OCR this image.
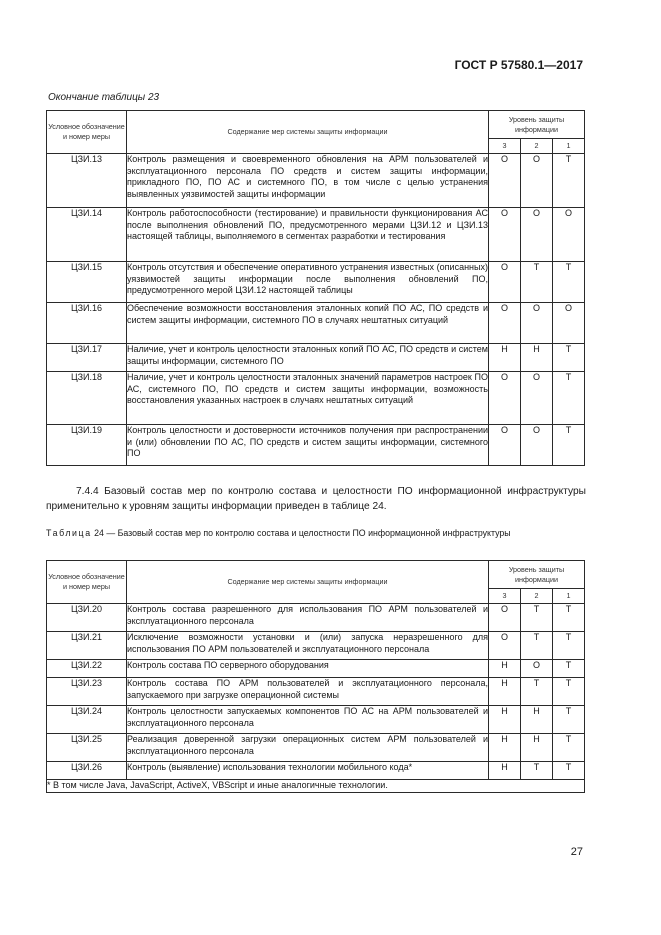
ГОСТ Р 57580.1—2017
Окончание таблицы 23
Условное обозначение и номер меры	Содержание мер системы защиты информации	Уровень защиты информации		
		3	2	1
ЦЗИ.13	Контроль размещения и своевременного обновления на АРМ пользователей и эксплуатационного персонала ПО средств и систем защиты информации, прикладного ПО, ПО АС и системного ПО, в том числе с целью устранения выявленных уязвимостей защиты информации	О	О	Т
ЦЗИ.14	Контроль работоспособности (тестирование) и правильности функционирования АС после выполнения обновлений ПО, предусмотренного мерами ЦЗИ.12 и ЦЗИ.13 настоящей таблицы, выполняемого в сегментах разработки и тестирования	О	О	О
ЦЗИ.15	Контроль отсутствия и обеспечение оперативного устранения известных (описанных) уязвимостей защиты информации после выполнения обновлений ПО, предусмотренного мерой ЦЗИ.12 настоящей таблицы	О	Т	Т
ЦЗИ.16	Обеспечение возможности восстановления эталонных копий ПО АС, ПО средств и систем защиты информации, системного ПО в случаях нештатных ситуаций	О	О	О
ЦЗИ.17	Наличие, учет и контроль целостности эталонных копий ПО АС, ПО средств и систем защиты информации, системного ПО	Н	Н	Т
ЦЗИ.18	Наличие, учет и контроль целостности эталонных значений параметров настроек ПО АС, системного ПО, ПО средств и систем защиты информации, возможность восстановления указанных настроек в случаях нештатных ситуаций	О	О	Т
ЦЗИ.19	Контроль целостности и достоверности источников получения при распространении и (или) обновлении ПО АС, ПО средств и систем защиты информации, системного ПО	О	О	Т
7.4.4 Базовый состав мер по контролю состава и целостности ПО информационной инфраструктуры применительно к уровням защиты информации приведен в таблице 24.
Таблица 24 — Базовый состав мер по контролю состава и целостности ПО информационной инфраструктуры
Условное обозначение и номер меры	Содержание мер системы защиты информации	Уровень защиты информации		
		3	2	1
ЦЗИ.20	Контроль состава разрешенного для использования ПО АРМ пользователей и эксплуатационного персонала	О	Т	Т
ЦЗИ.21	Исключение возможности установки и (или) запуска неразрешенного для использования ПО АРМ пользователей и эксплуатационного персонала	О	Т	Т
ЦЗИ.22	Контроль состава ПО серверного оборудования	Н	О	Т
ЦЗИ.23	Контроль состава ПО АРМ пользователей и эксплуатационного персонала, запускаемого при загрузке операционной системы	Н	Т	Т
ЦЗИ.24	Контроль целостности запускаемых компонентов ПО АС на АРМ пользователей и эксплуатационного персонала	Н	Н	Т
ЦЗИ.25	Реализация доверенной загрузки операционных систем АРМ пользователей и эксплуатационного персонала	Н	Н	Т
ЦЗИ.26	Контроль (выявление) использования технологии мобильного кода*	Н	Т	Т
* В том числе Java, JavaScript, ActiveX, VBScript и иные аналогичные технологии.				
27
